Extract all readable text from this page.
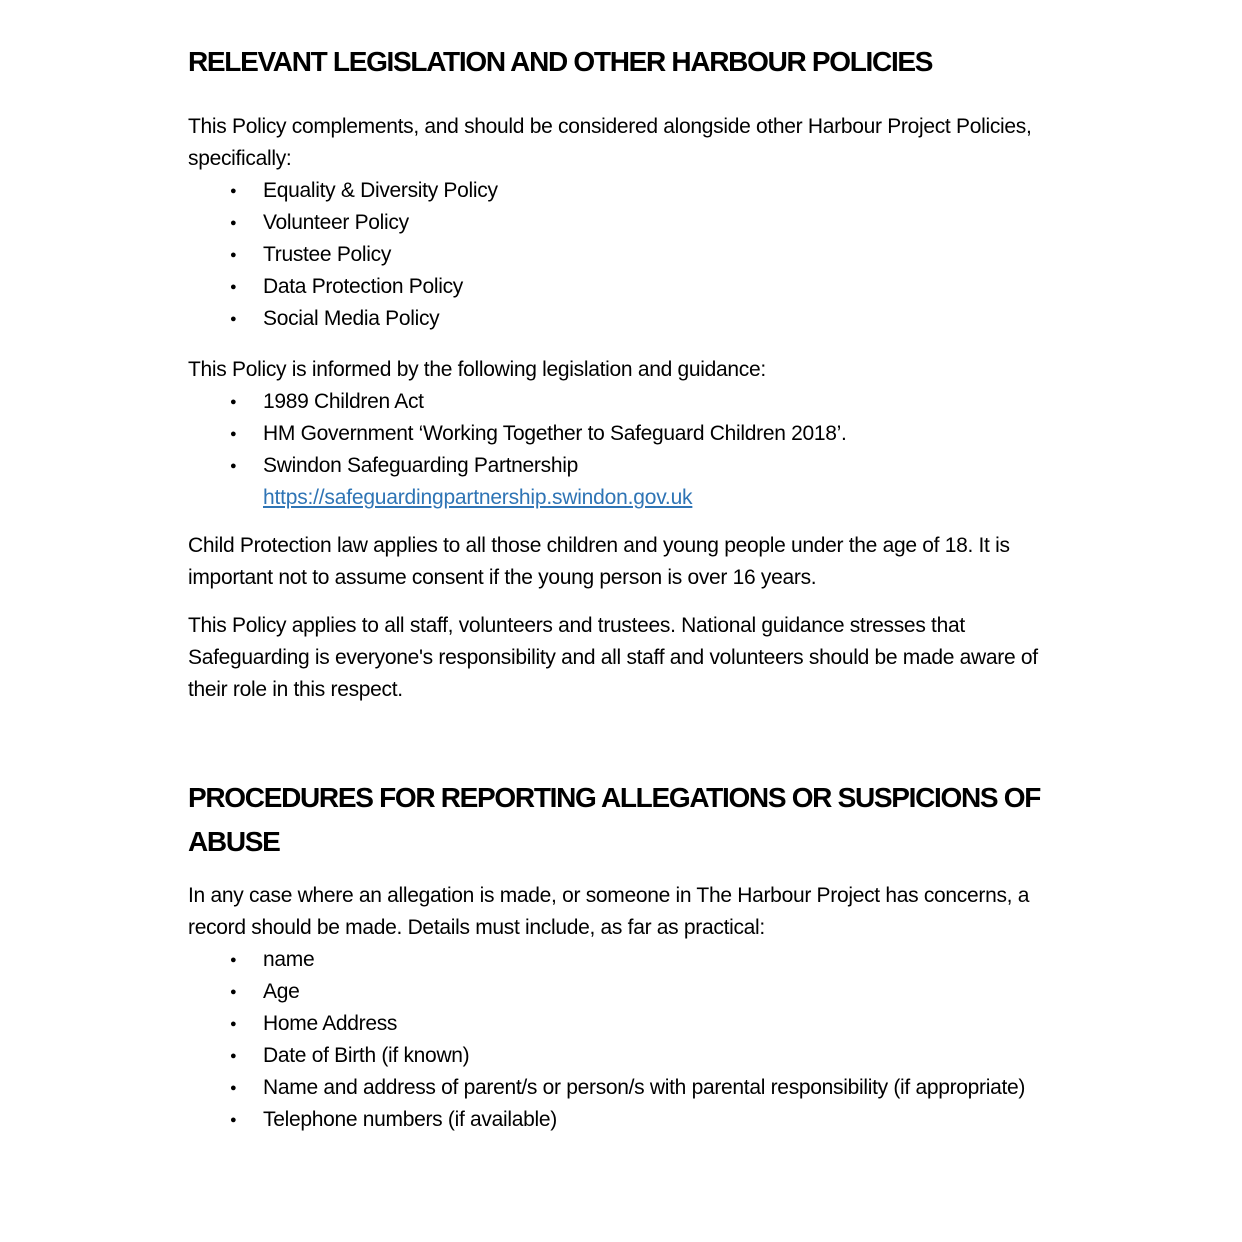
RELEVANT LEGISLATION AND OTHER HARBOUR POLICIES

This Policy complements, and should be considered alongside other Harbour Project Policies, specifically:

● Equality & Diversity Policy
● Volunteer Policy
● Trustee Policy
● Data Protection Policy
● Social Media Policy

This Policy is informed by the following legislation and guidance:

● 1989 Children Act
● HM Government ‘Working Together to Safeguard Children 2018’.
● Swindon Safeguarding Partnership
https://safeguardingpartnership.swindon.gov.uk

Child Protection law applies to all those children and young people under the age of 18. It is important not to assume consent if the young person is over 16 years.

This Policy applies to all staff, volunteers and trustees. National guidance stresses that Safeguarding is everyone's responsibility and all staff and volunteers should be made aware of their role in this respect.

PROCEDURES FOR REPORTING ALLEGATIONS OR SUSPICIONS OF ABUSE

In any case where an allegation is made, or someone in The Harbour Project has concerns, a record should be made. Details must include, as far as practical:

● name
● Age
● Home Address
● Date of Birth (if known)
● Name and address of parent/s or person/s with parental responsibility (if appropriate)
● Telephone numbers (if available)
